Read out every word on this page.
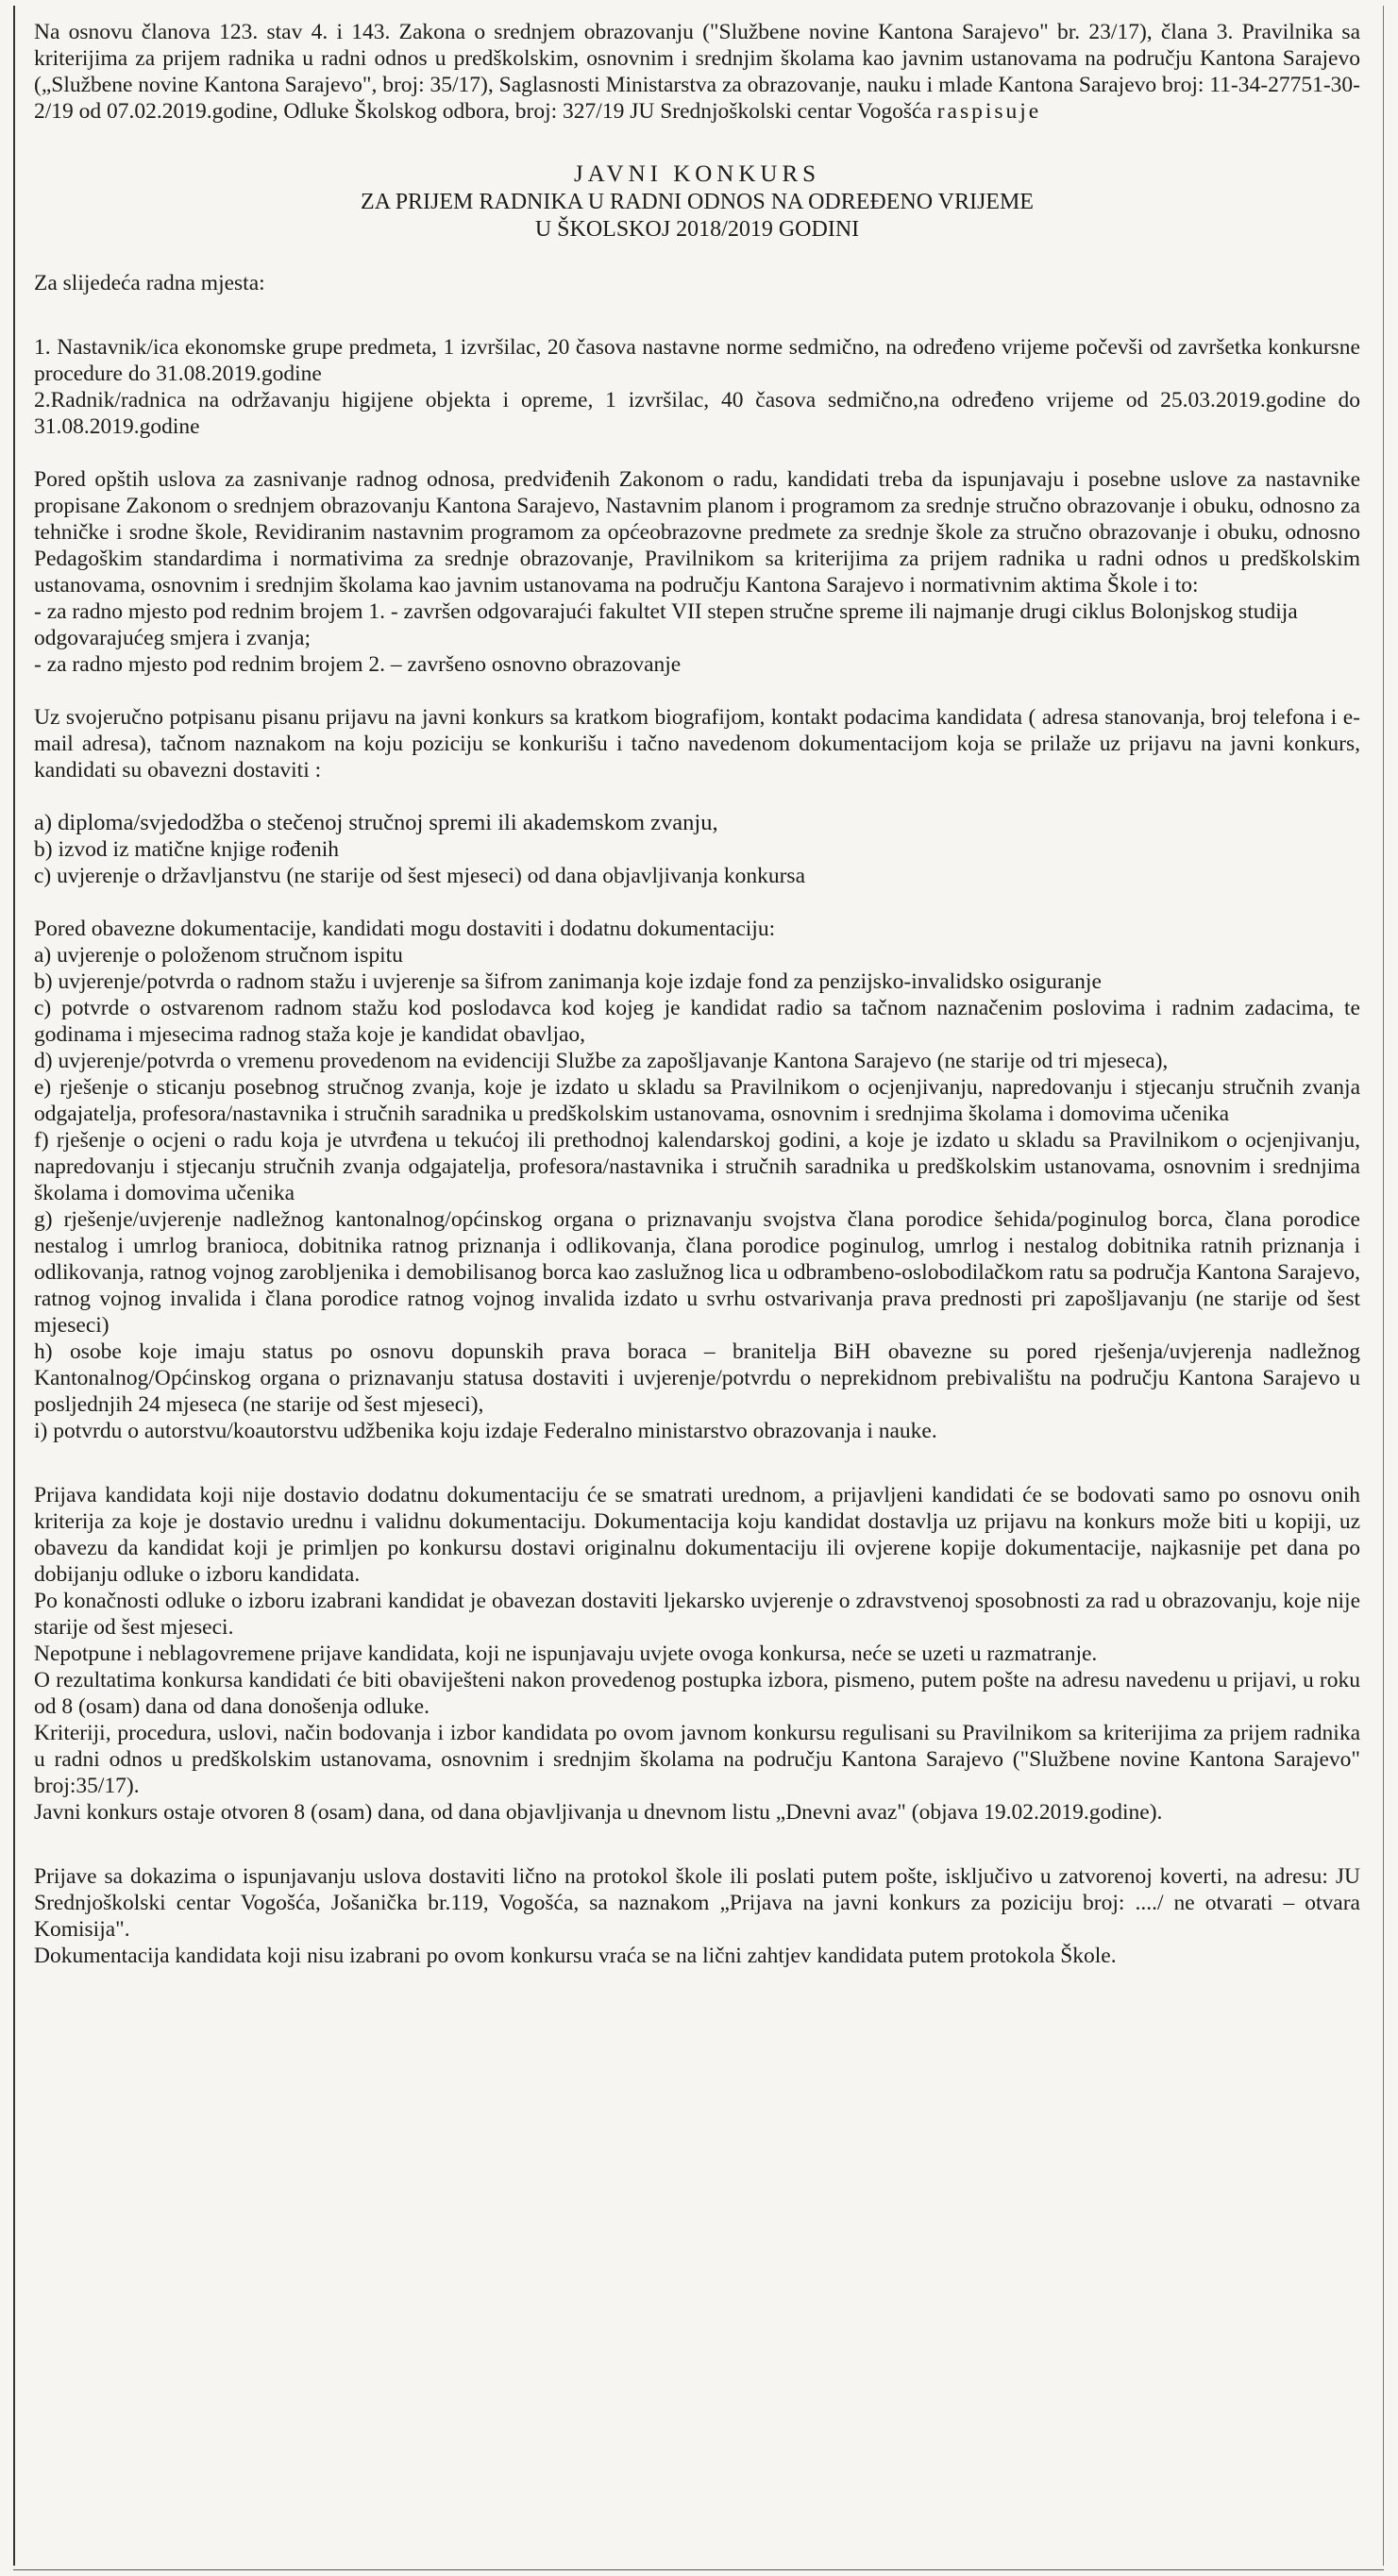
Na osnovu članova 123. stav 4. i 143. Zakona o srednjem obrazovanju ("Službene novine Kantona Sarajevo" br. 23/17), člana 3. Pravilnika sa kriterijima za prijem radnika u radni odnos u predškolskim, osnovnim i srednjim školama kao javnim ustanovama na području Kantona Sarajevo („Službene novine Kantona Sarajevo", broj: 35/17), Saglasnosti Ministarstva za obrazovanje, nauku i mlade Kantona Sarajevo broj: 11-34-27751-30-2/19 od 07.02.2019.godine, Odluke Školskog odbora, broj: 327/19 JU Srednjoškolski centar Vogošća raspisuje

JAVNI KONKURS
ZA PRIJEM RADNIKA U RADNI ODNOS NA ODREĐENO VRIJEME
U ŠKOLSKOJ 2018/2019 GODINI

Za slijedeća radna mjesta:

1. Nastavnik/ica ekonomske grupe predmeta, 1 izvršilac, 20 časova nastavne norme sedmično, na određeno vrijeme počevši od završetka konkursne procedure do 31.08.2019.godine

2.Radnik/radnica na održavanju higijene objekta i opreme, 1 izvršilac, 40 časova sedmično,na određeno vrijeme od 25.03.2019.godine do 31.08.2019.godine

Pored opštih uslova za zasnivanje radnog odnosa, predviđenih Zakonom o radu, kandidati treba da ispunjavaju i posebne uslove za nastavnike propisane Zakonom o srednjem obrazovanju Kantona Sarajevo, Nastavnim planom i programom za srednje stručno obrazovanje i obuku, odnosno za tehničke i srodne škole, Revidiranim nastavnim programom za općeobrazovne predmete za srednje škole za stručno obrazovanje i obuku, odnosno Pedagoškim standardima i normativima za srednje obrazovanje, Pravilnikom sa kriterijima za prijem radnika u radni odnos u predškolskim ustanovama, osnovnim i srednjim školama kao javnim ustanovama na području Kantona Sarajevo i normativnim aktima Škole i to:

- za radno mjesto pod rednim brojem 1. - završen odgovarajući fakultet VII stepen stručne spreme ili najmanje drugi ciklus Bolonjskog studija odgovarajućeg smjera i zvanja;

- za radno mjesto pod rednim brojem 2. – završeno osnovno obrazovanje

Uz svojeručno potpisanu pisanu prijavu na javni konkurs sa kratkom biografijom, kontakt podacima kandidata ( adresa stanovanja, broj telefona i e-mail adresa), tačnom naznakom na koju poziciju se konkurišu i tačno navedenom dokumentacijom koja se prilaže uz prijavu na javni konkurs, kandidati su obavezni dostaviti :

a) diploma/svjedodžba o stečenoj stručnoj spremi ili akademskom zvanju,

b) izvod iz matične knjige rođenih

c) uvjerenje o državljanstvu (ne starije od šest mjeseci) od dana objavljivanja konkursa

Pored obavezne dokumentacije, kandidati mogu dostaviti i dodatnu dokumentaciju:

a) uvjerenje o položenom stručnom ispitu

b) uvjerenje/potvrda o radnom stažu i uvjerenje sa šifrom zanimanja koje izdaje fond za penzijsko-invalidsko osiguranje

c) potvrde o ostvarenom radnom stažu kod poslodavca kod kojeg je kandidat radio sa tačnom naznačenim poslovima i radnim zadacima, te godinama i mjesecima radnog staža koje je kandidat obavljao,

d) uvjerenje/potvrda o vremenu provedenom na evidenciji Službe za zapošljavanje Kantona Sarajevo (ne starije od tri mjeseca),

e) rješenje o sticanju posebnog stručnog zvanja, koje je izdato u skladu sa Pravilnikom o ocjenjivanju, napredovanju i stjecanju stručnih zvanja odgajatelja, profesora/nastavnika i stručnih saradnika u predškolskim ustanovama, osnovnim i srednjima školama i domovima učenika

f) rješenje o ocjeni o radu koja je utvrđena u tekućoj ili prethodnoj kalendarskoj godini, a koje je izdato u skladu sa Pravilnikom o ocjenjivanju, napredovanju i stjecanju stručnih zvanja odgajatelja, profesora/nastavnika i stručnih saradnika u predškolskim ustanovama, osnovnim i srednjima školama i domovima učenika

g) rješenje/uvjerenje nadležnog kantonalnog/općinskog organa o priznavanju svojstva člana porodice šehida/poginulog borca, člana porodice nestalog i umrlog branioca, dobitnika ratnog priznanja i odlikovanja, člana porodice poginulog, umrlog i nestalog dobitnika ratnih priznanja i odlikovanja, ratnog vojnog zarobljenika i demobilisanog borca kao zaslužnog lica u odbrambeno-oslobodilačkom ratu sa područja Kantona Sarajevo, ratnog vojnog invalida i člana porodice ratnog vojnog invalida izdato u svrhu ostvarivanja prava prednosti pri zapošljavanju (ne starije od šest mjeseci)

h) osobe koje imaju status po osnovu dopunskih prava boraca – branitelja BiH obavezne su pored rješenja/uvjerenja nadležnog Kantonalnog/Općinskog organa o priznavanju statusa dostaviti i uvjerenje/potvrdu o neprekidnom prebivalištu na području Kantona Sarajevo u posljednjih 24 mjeseca (ne starije od šest mjeseci),

i) potvrdu o autorstvu/koautorstvu udžbenika koju izdaje Federalno ministarstvo obrazovanja i nauke.

Prijava kandidata koji nije dostavio dodatnu dokumentaciju će se smatrati urednom, a prijavljeni kandidati će se bodovati samo po osnovu onih kriterija za koje je dostavio urednu i validnu dokumentaciju. Dokumentacija koju kandidat dostavlja uz prijavu na konkurs može biti u kopiji, uz obavezu da kandidat koji je primljen po konkursu dostavi originalnu dokumentaciju ili ovjerene kopije dokumentacije, najkasnije pet dana po dobijanju odluke o izboru kandidata.

Po konačnosti odluke o izboru izabrani kandidat je obavezan dostaviti ljekarsko uvjerenje o zdravstvenoj sposobnosti za rad u obrazovanju, koje nije starije od šest mjeseci.

Nepotpune i neblagovremene prijave kandidata, koji ne ispunjavaju uvjete ovoga konkursa, neće se uzeti u razmatranje.

O rezultatima konkursa kandidati će biti obaviješteni nakon provedenog postupka izbora, pismeno, putem pošte na adresu navedenu u prijavi, u roku od 8 (osam) dana od dana donošenja odluke.

Kriteriji, procedura, uslovi, način bodovanja i izbor kandidata po ovom javnom konkursu regulisani su Pravilnikom sa kriterijima za prijem radnika u radni odnos u predškolskim ustanovama, osnovnim i srednjim školama na području Kantona Sarajevo ("Službene novine Kantona Sarajevo" broj:35/17).

Javni konkurs ostaje otvoren 8 (osam) dana, od dana objavljivanja u dnevnom listu „Dnevni avaz" (objava 19.02.2019.godine).

Prijave sa dokazima o ispunjavanju uslova dostaviti lično na protokol škole ili poslati putem pošte, isključivo u zatvorenoj koverti, na adresu: JU Srednjoškolski centar Vogošća, Jošanička br.119, Vogošća, sa naznakom „Prijava na javni konkurs za poziciju broj: ..../ ne otvarati – otvara Komisija".

Dokumentacija kandidata koji nisu izabrani po ovom konkursu vraća se na lični zahtjev kandidata putem protokola Škole.
